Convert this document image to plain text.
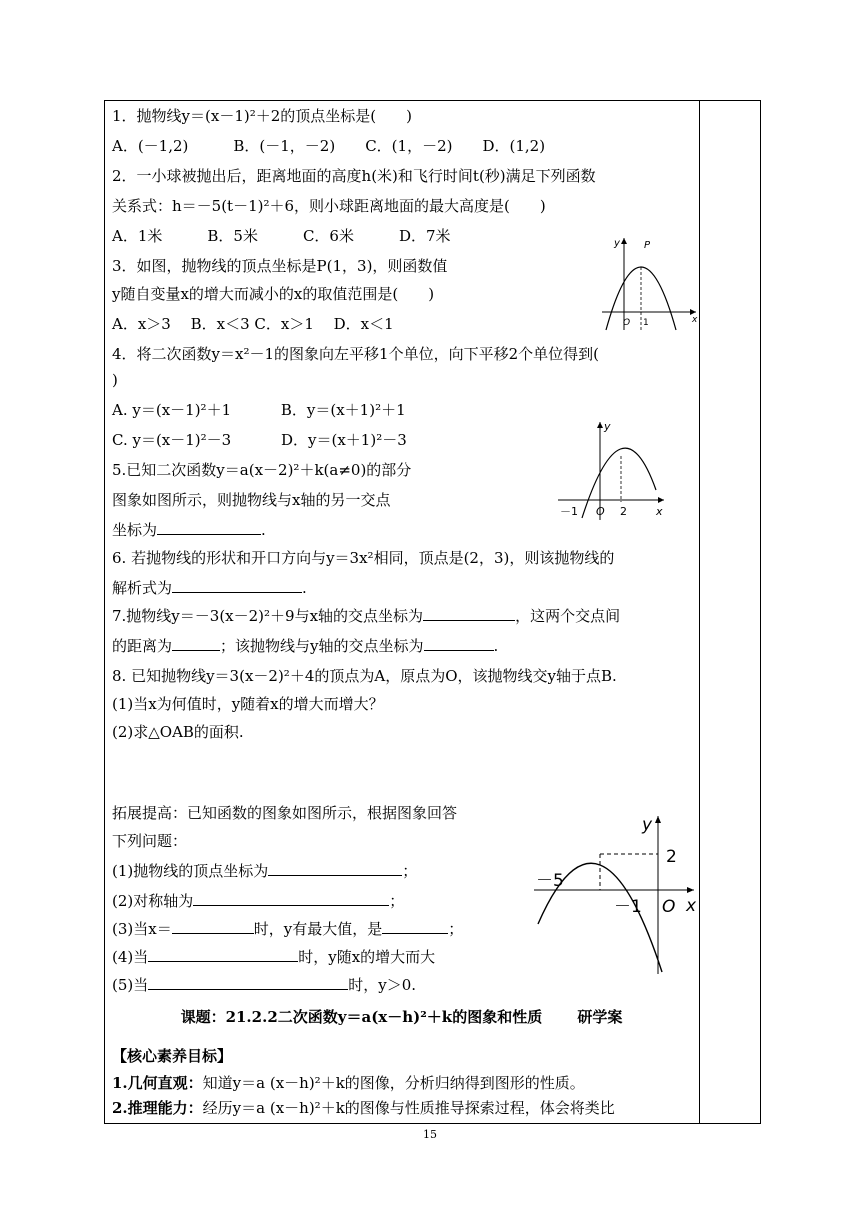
1．抛物线y＝(x－1)²＋2的顶点坐标是(　　)
A．(－1,2)　　　B．(－1，－2)　　C．(1，－2)　　D．(1,2)
2．一小球被抛出后，距离地面的高度h(米)和飞行时间t(秒)满足下列函数
关系式：h＝－5(t－1)²＋6，则小球距离地面的最大高度是(　　)
A．1米　　　B．5米　　　C．6米　　　D．7米
3．如图，抛物线的顶点坐标是P(1，3)，则函数值
y随自变量x的增大而减小的x的取值范围是(　　)
A．x＞3　 B．x＜3 C．x＞1　 D．x＜1
4．将二次函数y＝x²－1的图象向左平移1个单位，向下平移2个单位得到(
)
A. y＝(x－1)²＋1　　　 B．y＝(x＋1)²＋1
C. y＝(x－1)²－3　　　 D．y＝(x＋1)²－3
5.已知二次函数y＝a(x－2)²＋k(a≠0)的部分
图象如图所示，则抛物线与x轴的另一交点
坐标为	.
6. 若抛物线的形状和开口方向与y＝3x²相同，顶点是(2，3)，则该抛物线的
解析式为	.
7.抛物线y＝－3(x－2)²＋9与x轴的交点坐标为	，这两个交点间
的距离为	；该抛物线与y轴的交点坐标为	.
8. 已知抛物线y＝3(x－2)²＋4的顶点为A，原点为O，该抛物线交y轴于点B.
(1)当x为何值时，y随着x的增大而增大？
(2)求△OAB的面积.
拓展提高：已知函数的图象如图所示，根据图象回答
下列问题：
(1)抛物线的顶点坐标为	；
(2)对称轴为	；
(3)当x＝	时，y有最大值，是	；
(4)当	时，y随x的增大而大
(5)当	时，y＞0.
课题：21.2.2二次函数y＝a(x－h)²＋k的图象和性质　　 研学案
【核心素养目标】
1.几何直观：知道y＝a (x－h)²＋k的图像，分析归纳得到图形的性质。
2.推理能力：经历y＝a (x－h)²＋k的图像与性质推导探索过程，体会将类比
15
y P
O 1	x
y
－1 O 2	x
y
2
－5
－1 O x
